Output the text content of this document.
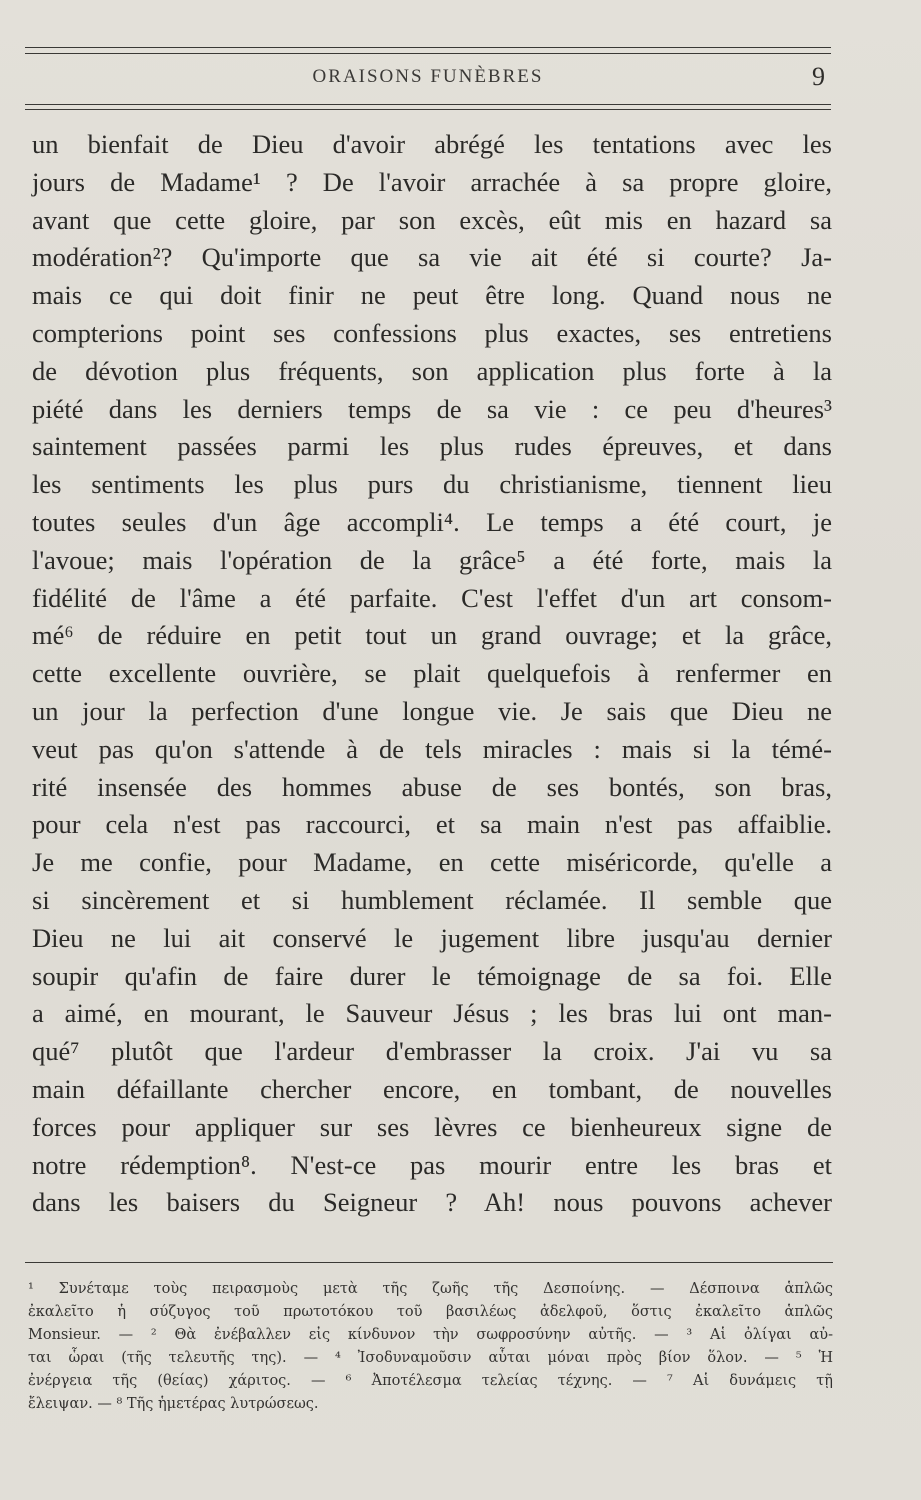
ORAISONS FUNÈBRES	9
un bienfait de Dieu d'avoir abrégé les tentations avec les
jours de Madame¹ ? De l'avoir arrachée à sa propre gloire,
avant que cette gloire, par son excès, eût mis en hazard sa
modération²? Qu'importe que sa vie ait été si courte? Ja-
mais ce qui doit finir ne peut être long. Quand nous ne
compterions point ses confessions plus exactes, ses entretiens
de dévotion plus fréquents, son application plus forte à la
piété dans les derniers temps de sa vie : ce peu d'heures³
saintement passées parmi les plus rudes épreuves, et dans
les sentiments les plus purs du christianisme, tiennent lieu
toutes seules d'un âge accompli⁴. Le temps a été court, je
l'avoue; mais l'opération de la grâce⁵ a été forte, mais la
fidélité de l'âme a été parfaite. C'est l'effet d'un art consom-
mé⁶ de réduire en petit tout un grand ouvrage; et la grâce,
cette excellente ouvrière, se plait quelquefois à renfermer en
un jour la perfection d'une longue vie. Je sais que Dieu ne
veut pas qu'on s'attende à de tels miracles : mais si la témé-
rité insensée des hommes abuse de ses bontés, son bras,
pour cela n'est pas raccourci, et sa main n'est pas affaiblie.
Je me confie, pour Madame, en cette miséricorde, qu'elle a
si sincèrement et si humblement réclamée. Il semble que
Dieu ne lui ait conservé le jugement libre jusqu'au dernier
soupir qu'afin de faire durer le témoignage de sa foi. Elle
a aimé, en mourant, le Sauveur Jésus ; les bras lui ont man-
qué⁷ plutôt que l'ardeur d'embrasser la croix. J'ai vu sa
main défaillante chercher encore, en tombant, de nouvelles
forces pour appliquer sur ses lèvres ce bienheureux signe de
notre rédemption⁸. N'est-ce pas mourir entre les bras et
dans les baisers du Seigneur ? Ah! nous pouvons achever
¹ Συνέταμε τοὺς πειρασμοὺς μετὰ τῆς ζωῆς τῆς Δεσποίνης. — Δέσποινα ἁπλῶς
ἐκαλεῖτο ἡ σύζυγος τοῦ πρωτοτόκου τοῦ βασιλέως ἀδελφοῦ, ὅστις ἐκαλεῖτο ἁπλῶς
Monsieur. — ² Θὰ ἐνέβαλλεν εἰς κίνδυνον τὴν σωφροσύνην αὐτῆς. — ³ Αἱ ὀλίγαι αὐ-
ται ὧραι (τῆς τελευτῆς της). — ⁴ Ἰσοδυναμοῦσιν αὗται μόναι πρὸς βίον ὅλον. — ⁵ Ἡ
ἐνέργεια τῆς (θείας) χάριτος. — ⁶ Ἀποτέλεσμα τελείας τέχνης. — ⁷ Αἱ δυνάμεις τῇ
ἔλειψαν. — ⁸ Τῆς ἡμετέρας λυτρώσεως.
